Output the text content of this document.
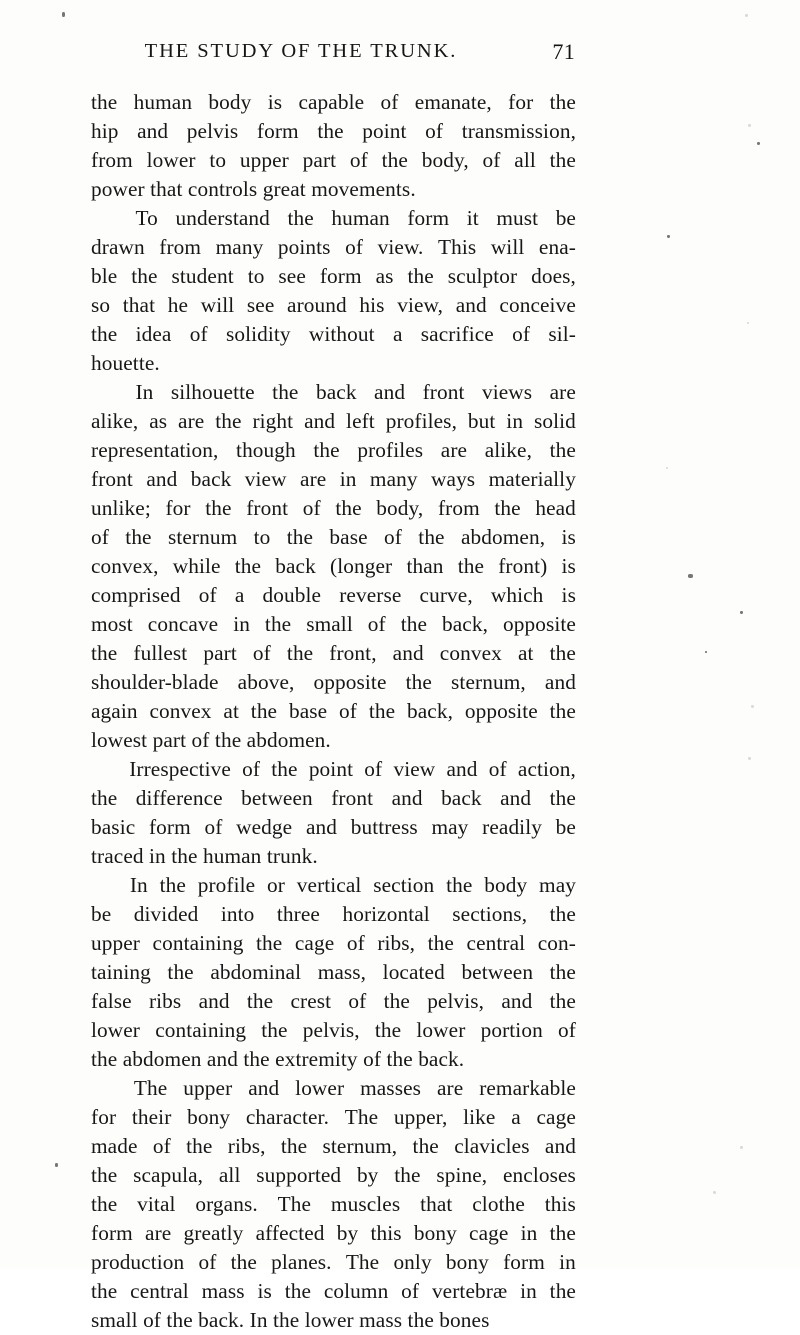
THE STUDY OF THE TRUNK.	71
the human body is capable of emanate, for the
hip and pelvis form the point of transmission,
from lower to upper part of the body, of all the
power that controls great movements.
To understand the human form it must be
drawn from many points of view. This will ena-
ble the student to see form as the sculptor does,
so that he will see around his view, and conceive
the idea of solidity without a sacrifice of sil-
houette.
In silhouette the back and front views are
alike, as are the right and left profiles, but in solid
representation, though the profiles are alike, the
front and back view are in many ways materially
unlike; for the front of the body, from the head
of the sternum to the base of the abdomen, is
convex, while the back (longer than the front) is
comprised of a double reverse curve, which is
most concave in the small of the back, opposite
the fullest part of the front, and convex at the
shoulder-blade above, opposite the sternum, and
again convex at the base of the back, opposite the
lowest part of the abdomen.
Irrespective of the point of view and of action,
the difference between front and back and the
basic form of wedge and buttress may readily be
traced in the human trunk.
In the profile or vertical section the body may
be divided into three horizontal sections, the
upper containing the cage of ribs, the central con-
taining the abdominal mass, located between the
false ribs and the crest of the pelvis, and the
lower containing the pelvis, the lower portion of
the abdomen and the extremity of the back.
The upper and lower masses are remarkable
for their bony character. The upper, like a cage
made of the ribs, the sternum, the clavicles and
the scapula, all supported by the spine, encloses
the vital organs. The muscles that clothe this
form are greatly affected by this bony cage in the
production of the planes. The only bony form in
the central mass is the column of vertebræ in the
small of the back. In the lower mass the bones
